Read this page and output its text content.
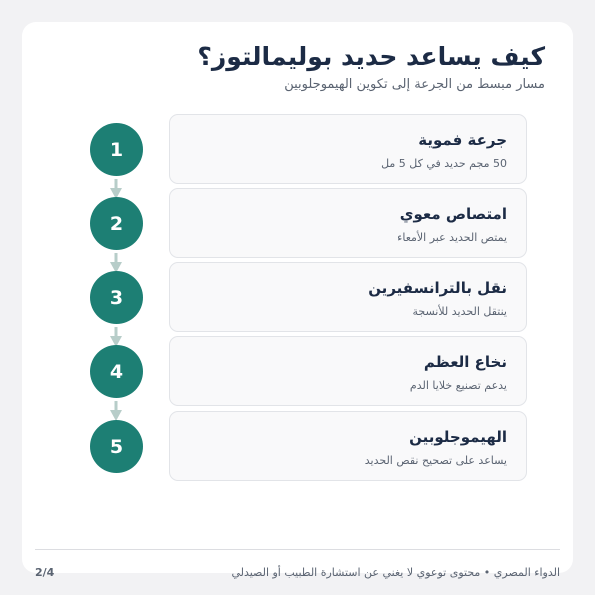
كيف يساعد حديد بوليمالتوز؟
مسار مبسط من الجرعة إلى تكوين الهيموجلوبين
جرعة فموية
50 مجم حديد في كل 5 مل
1
امتصاص معوي
يمتص الحديد عبر الأمعاء
2
نقل بالترانسفيرين
ينتقل الحديد للأنسجة
3
نخاع العظم
يدعم تصنيع خلايا الدم
4
الهيموجلوبين
يساعد على تصحيح نقص الحديد
5
الدواء المصري • محتوى توعوي لا يغني عن استشارة الطبيب أو الصيدلي
2/4
